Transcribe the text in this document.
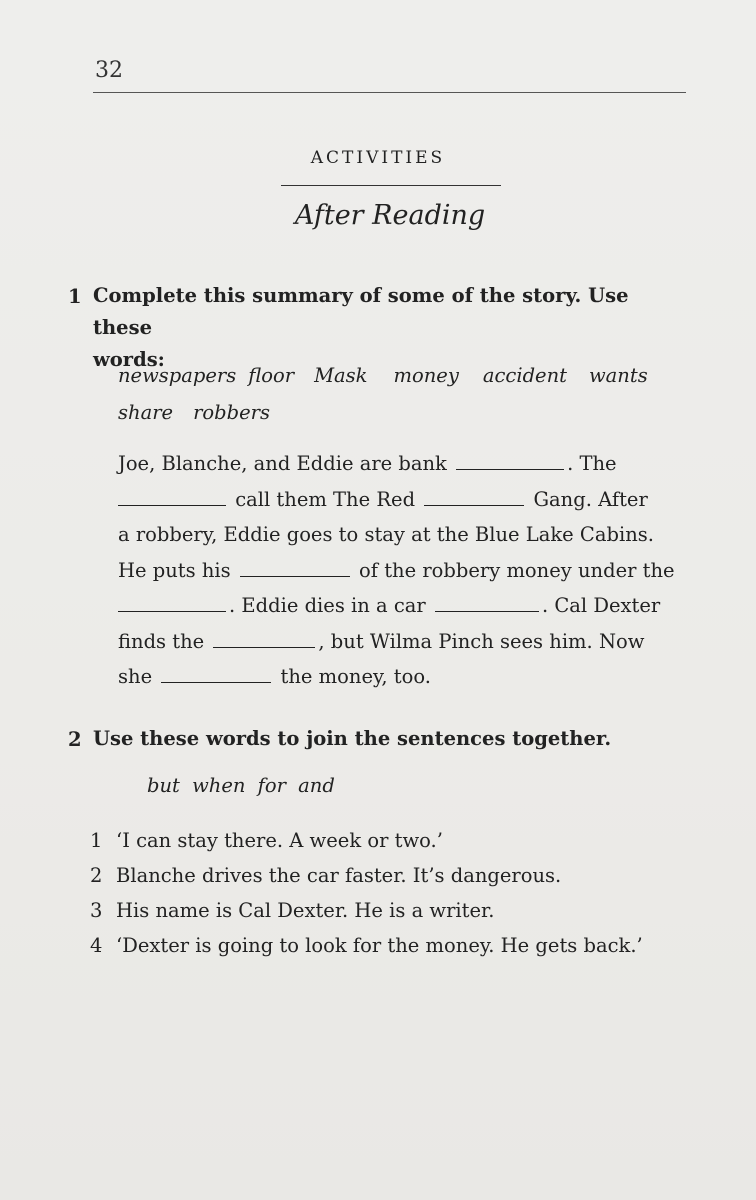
32
ACTIVITIES
After Reading
1 Complete this summary of some of the story. Use these
words:
newspapers floor Mask money accident wants
share robbers
Joe, Blanche, and Eddie are bank	. The
call them The Red	Gang. After
a robbery, Eddie goes to stay at the Blue Lake Cabins.
He puts his	of the robbery money under the
. Eddie dies in a car	. Cal Dexter
finds the	, but Wilma Pinch sees him. Now
she	the money, too.
2 Use these words to join the sentences together.
but when for and
1 ‘I can stay there. A week or two.’
2 Blanche drives the car faster. It’s dangerous.
3 His name is Cal Dexter. He is a writer.
4 ‘Dexter is going to look for the money. He gets back.’
